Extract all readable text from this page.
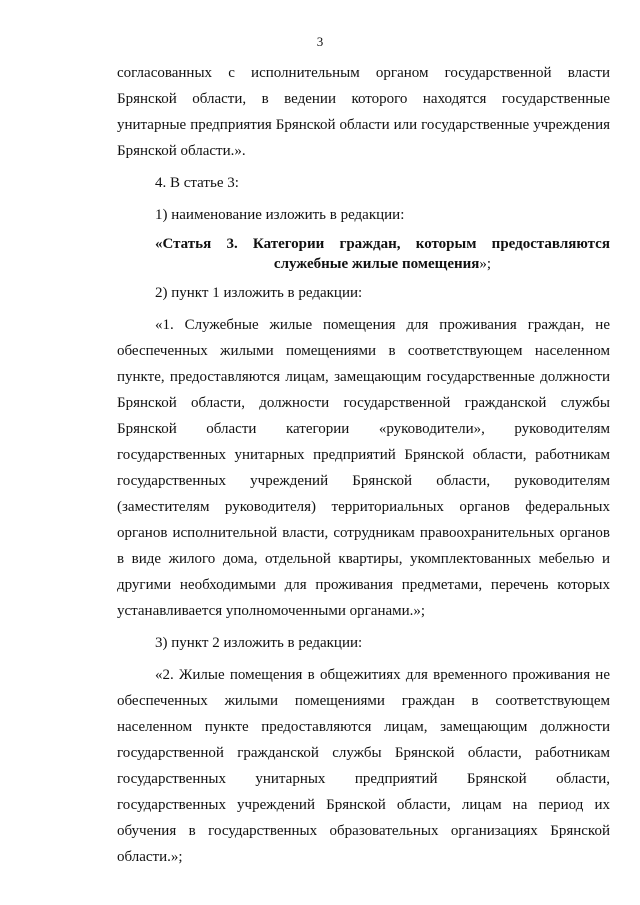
3

согласованных с исполнительным органом государственной власти Брянской области, в ведении которого находятся государственные унитарные предприятия Брянской области или государственные учреждения Брянской области.».

4. В статье 3:

1) наименование изложить в редакции:

«Статья 3. Категории граждан, которым предоставляются
служебные жилые помещения»;

2) пункт 1 изложить в редакции:

«1. Служебные жилые помещения для проживания граждан, не обеспеченных жилыми помещениями в соответствующем населенном пункте, предоставляются лицам, замещающим государственные должности Брянской области, должности государственной гражданской службы Брянской области категории «руководители», руководителям государственных унитарных предприятий Брянской области, работникам государственных учреждений Брянской области, руководителям (заместителям руководителя) территориальных органов федеральных органов исполнительной власти, сотрудникам правоохранительных органов в виде жилого дома, отдельной квартиры, укомплектованных мебелью и другими необходимыми для проживания предметами, перечень которых устанавливается уполномоченными органами.»;

3) пункт 2 изложить в редакции:

«2. Жилые помещения в общежитиях для временного проживания не обеспеченных жилыми помещениями граждан в соответствующем населенном пункте предоставляются лицам, замещающим должности государственной гражданской службы Брянской области, работникам государственных унитарных предприятий Брянской области, государственных учреждений Брянской области, лицам на период их обучения в государственных образовательных организациях Брянской области.»;
